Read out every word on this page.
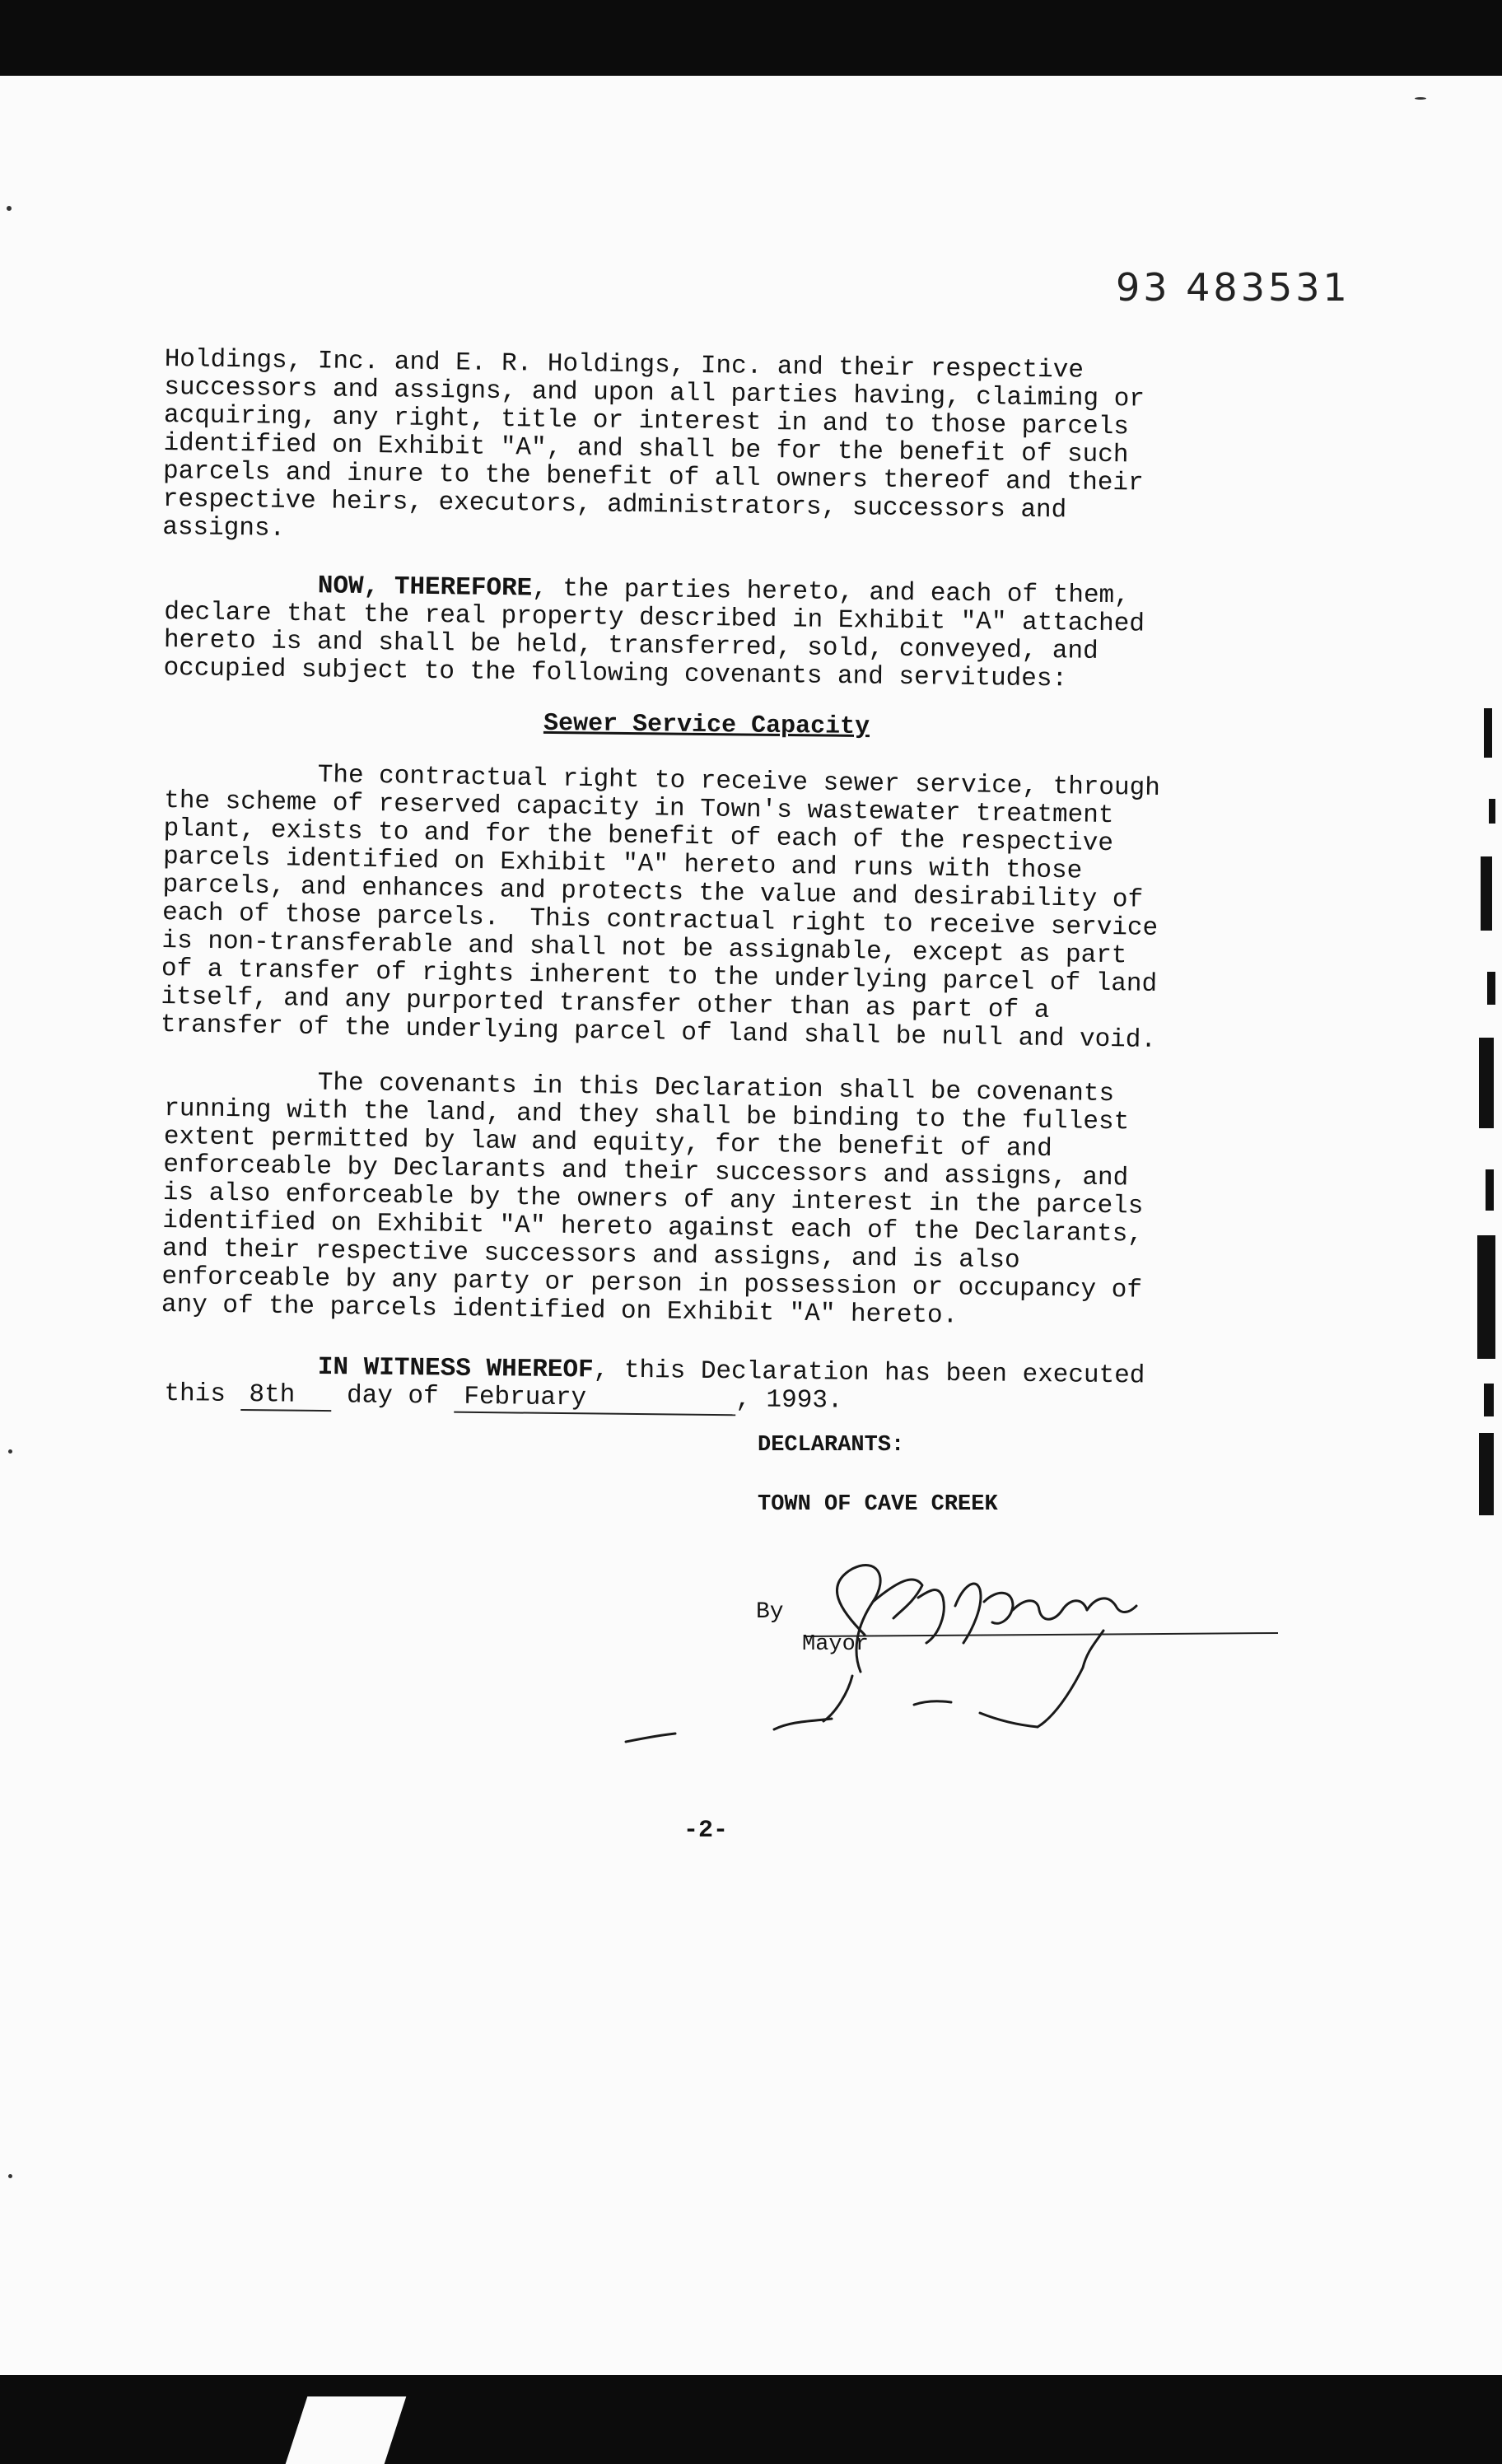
93 483531

Holdings, Inc. and E. R. Holdings, Inc. and their respective
successors and assigns, and upon all parties having, claiming or
acquiring, any right, title or interest in and to those parcels
identified on Exhibit "A", and shall be for the benefit of such
parcels and inure to the benefit of all owners thereof and their
respective heirs, executors, administrators, successors and
assigns.

NOW, THEREFORE, the parties hereto, and each of them,
declare that the real property described in Exhibit "A" attached
hereto is and shall be held, transferred, sold, conveyed, and
occupied subject to the following covenants and servitudes:

Sewer Service Capacity

The contractual right to receive sewer service, through
the scheme of reserved capacity in Town's wastewater treatment
plant, exists to and for the benefit of each of the respective
parcels identified on Exhibit "A" hereto and runs with those
parcels, and enhances and protects the value and desirability of
each of those parcels.  This contractual right to receive service
is non-transferable and shall not be assignable, except as part
of a transfer of rights inherent to the underlying parcel of land
itself, and any purported transfer other than as part of a
transfer of the underlying parcel of land shall be null and void.

The covenants in this Declaration shall be covenants
running with the land, and they shall be binding to the fullest
extent permitted by law and equity, for the benefit of and
enforceable by Declarants and their successors and assigns, and
is also enforceable by the owners of any interest in the parcels
identified on Exhibit "A" hereto against each of the Declarants,
and their respective successors and assigns, and is also
enforceable by any party or person in possession or occupancy of
any of the parcels identified on Exhibit "A" hereto.

IN WITNESS WHEREOF, this Declaration has been executed
this 8th day of February	, 1993.

DECLARANTS:

TOWN OF CAVE CREEK

By

Mayor

-2-
